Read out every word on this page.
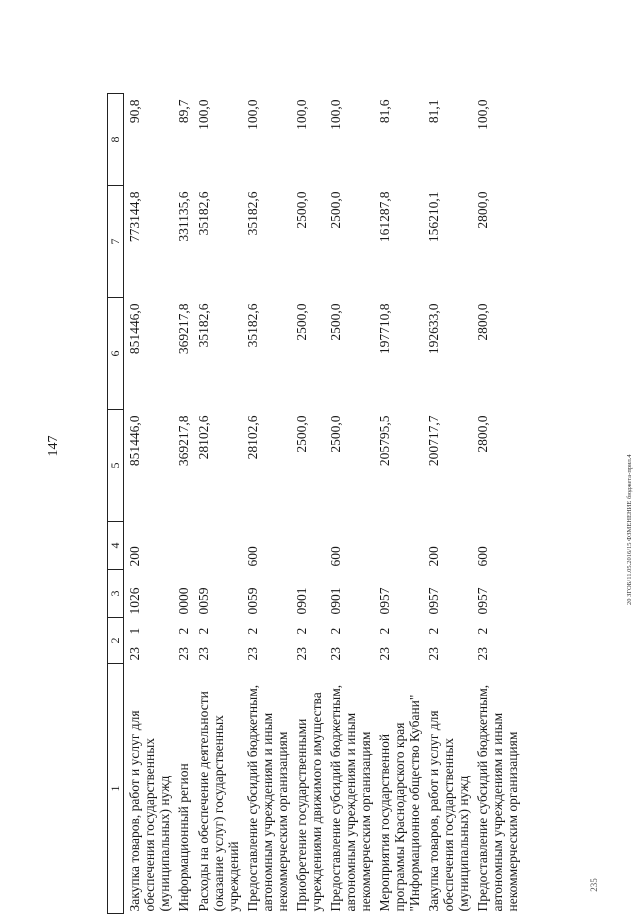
147
20 ЗГОБ/11.05.2016/15 ФЗМЕНЕНИЕ бюджета-прил.4
235
1	2		3	4	5	6	7	8
Закупка товаров, работ и услуг для обеспечения государственных (муниципальных) нужд	23	1	1026	200	851446,0	851446,0	773144,8	90,8
Информационный регион	23	2	0000		369217,8	369217,8	331135,6	89,7
Расходы на обеспечение деятельности (оказание услуг) государственных учреждений	23	2	0059		28102,6	35182,6	35182,6	100,0
Предоставление субсидий бюджетным, автономным учреждениям и иным некоммерческим организациям	23	2	0059	600	28102,6	35182,6	35182,6	100,0
Приобретение государственными учреждениями движимого имущества	23	2	0901		2500,0	2500,0	2500,0	100,0
Предоставление субсидий бюджетным, автономным учреждениям и иным некоммерческим организациям	23	2	0901	600	2500,0	2500,0	2500,0	100,0
Мероприятия государственной программы Краснодарского края "Информационное общество Кубани"	23	2	0957		205795,5	197710,8	161287,8	81,6
Закупка товаров, работ и услуг для обеспечения государственных (муниципальных) нужд	23	2	0957	200	200717,7	192633,0	156210,1	81,1
Предоставление субсидий бюджетным, автономным учреждениям и иным некоммерческим организациям	23	2	0957	600	2800,0	2800,0	2800,0	100,0
